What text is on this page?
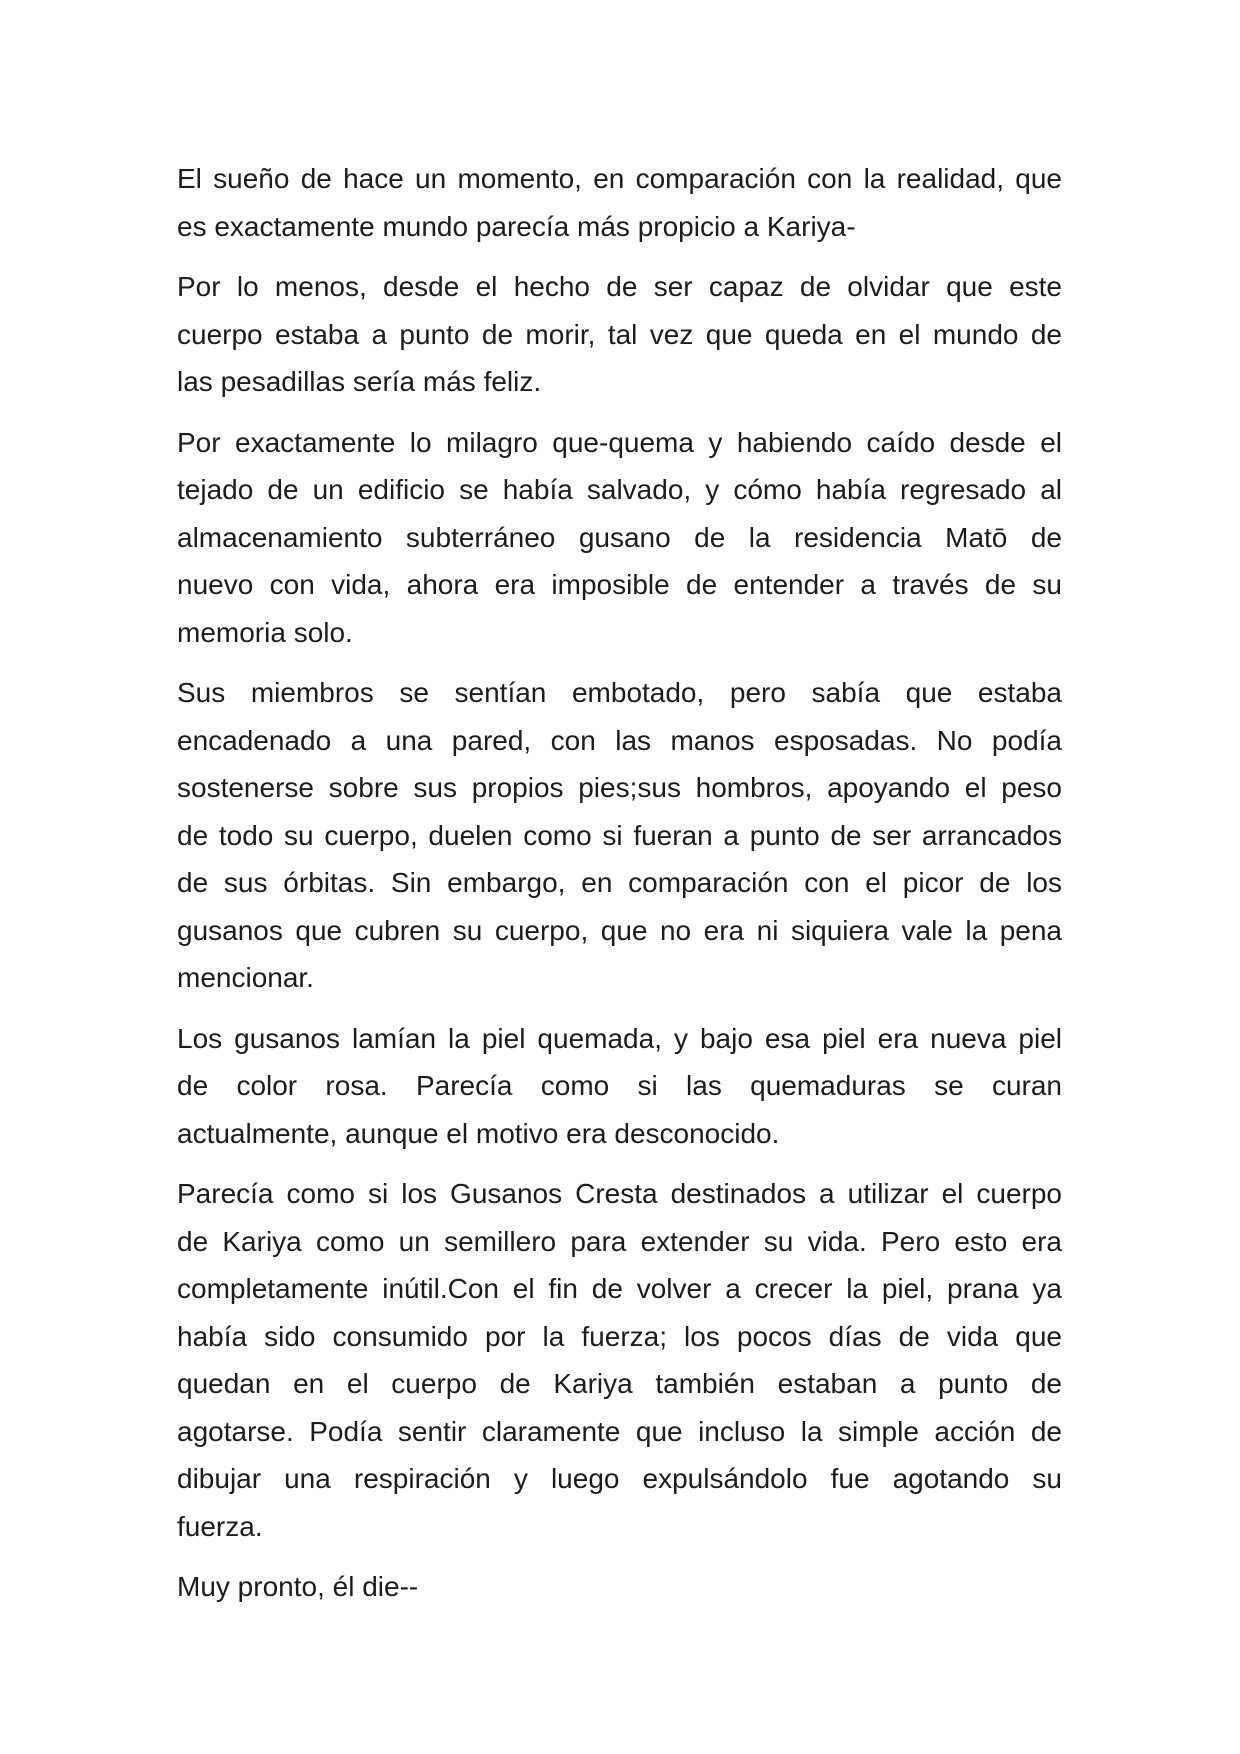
El sueño de hace un momento, en comparación con la realidad, que
es exactamente mundo parecía más propicio a Kariya-

Por lo menos, desde el hecho de ser capaz de olvidar que este
cuerpo estaba a punto de morir, tal vez que queda en el mundo de
las pesadillas sería más feliz.

Por exactamente lo milagro que-quema y habiendo caído desde el
tejado de un edificio se había salvado, y cómo había regresado al
almacenamiento subterráneo gusano de la residencia Matō de
nuevo con vida, ahora era imposible de entender a través de su
memoria solo.

Sus miembros se sentían embotado, pero sabía que estaba
encadenado a una pared, con las manos esposadas. No podía
sostenerse sobre sus propios pies;sus hombros, apoyando el peso
de todo su cuerpo, duelen como si fueran a punto de ser arrancados
de sus órbitas. Sin embargo, en comparación con el picor de los
gusanos que cubren su cuerpo, que no era ni siquiera vale la pena
mencionar.

Los gusanos lamían la piel quemada, y bajo esa piel era nueva piel
de color rosa. Parecía como si las quemaduras se curan
actualmente, aunque el motivo era desconocido.

Parecía como si los Gusanos Cresta destinados a utilizar el cuerpo
de Kariya como un semillero para extender su vida. Pero esto era
completamente inútil.Con el fin de volver a crecer la piel, prana ya
había sido consumido por la fuerza; los pocos días de vida que
quedan en el cuerpo de Kariya también estaban a punto de
agotarse. Podía sentir claramente que incluso la simple acción de
dibujar una respiración y luego expulsándolo fue agotando su
fuerza.

Muy pronto, él die--
